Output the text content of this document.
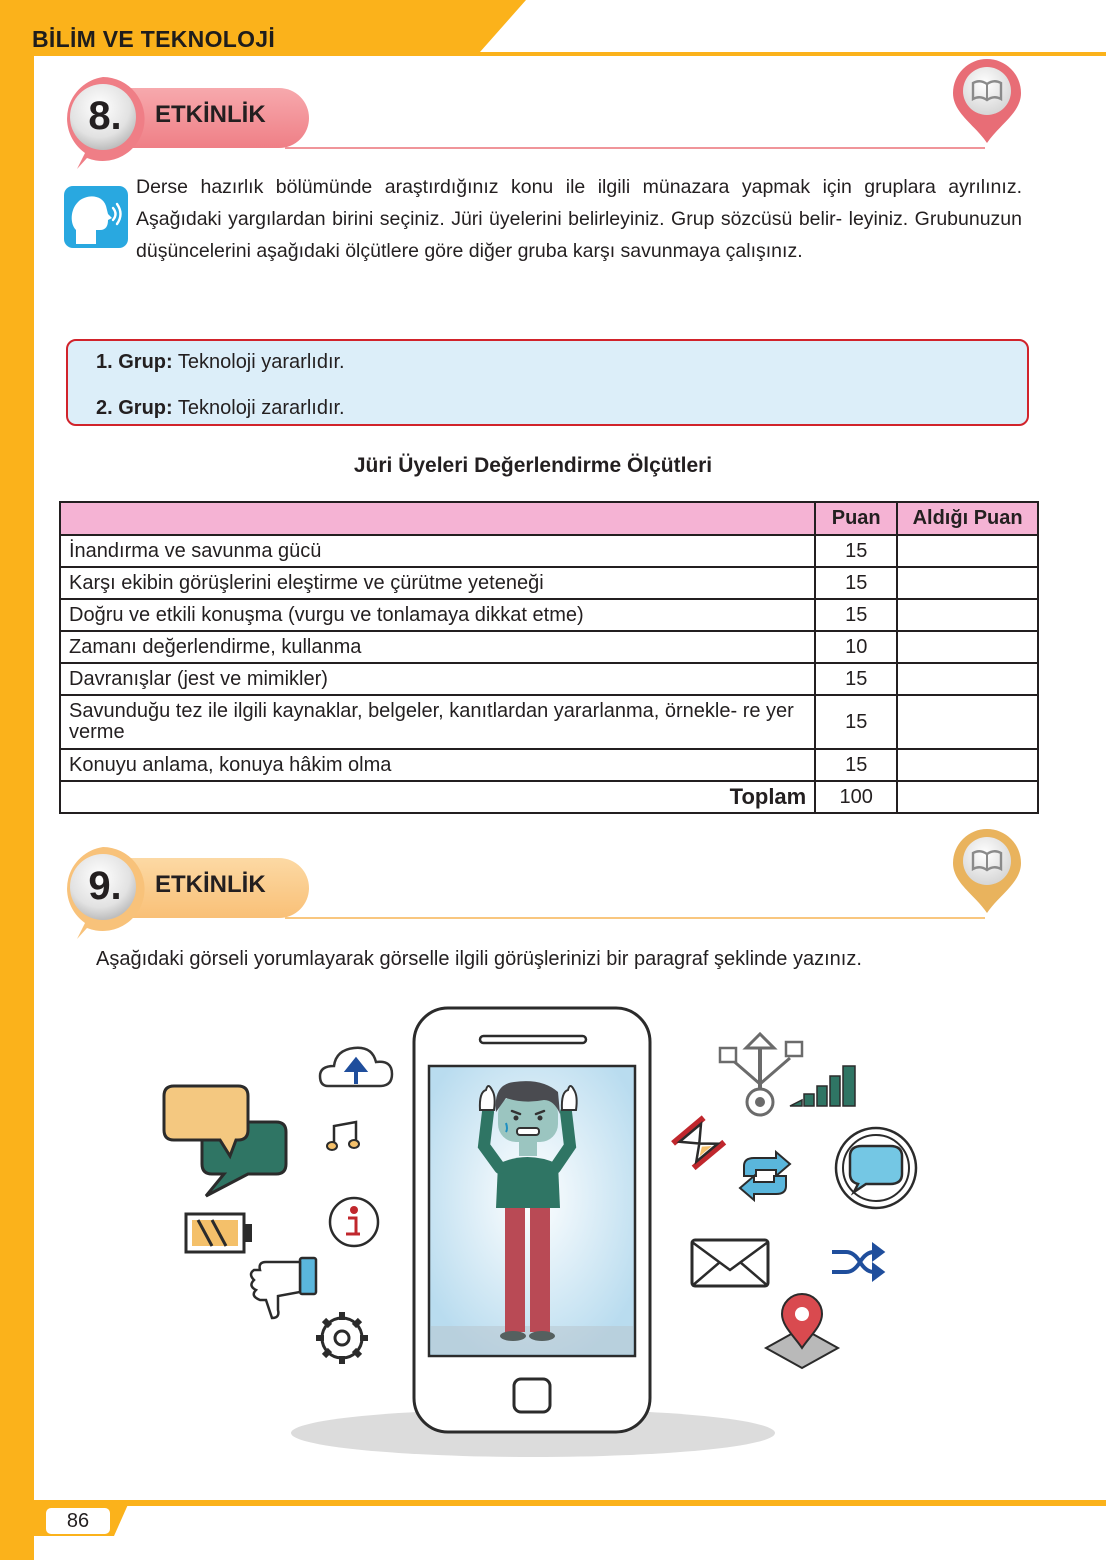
BİLİM VE TEKNOLOJİ
8.	ETKİNLİK
Derse hazırlık bölümünde araştırdığınız konu ile ilgili münazara yapmak için gruplara ayrılınız. Aşağıdaki yargılardan birini seçiniz. Jüri üyelerini belirleyiniz. Grup sözcüsü belir- leyiniz. Grubunuzun düşüncelerini aşağıdaki ölçütlere göre diğer gruba karşı savunmaya çalışınız.
1. Grup: Teknoloji yararlıdır.
2. Grup: Teknoloji zararlıdır.
Jüri Üyeleri Değerlendirme Ölçütleri
	Puan	Aldığı Puan
İnandırma ve savunma gücü	15	
Karşı ekibin görüşlerini eleştirme ve çürütme yeteneği	15	
Doğru ve etkili konuşma (vurgu ve tonlamaya dikkat etme)	15	
Zamanı değerlendirme, kullanma	10	
Davranışlar (jest ve mimikler)	15	
Savunduğu tez ile ilgili kaynaklar, belgeler, kanıtlardan yararlanma, örnekle- re yer verme	15	
Konuyu anlama, konuya hâkim olma	15	
Toplam	100	
9.	ETKİNLİK
Aşağıdaki görseli yorumlayarak görselle ilgili görüşlerinizi bir paragraf şeklinde yazınız.
86
